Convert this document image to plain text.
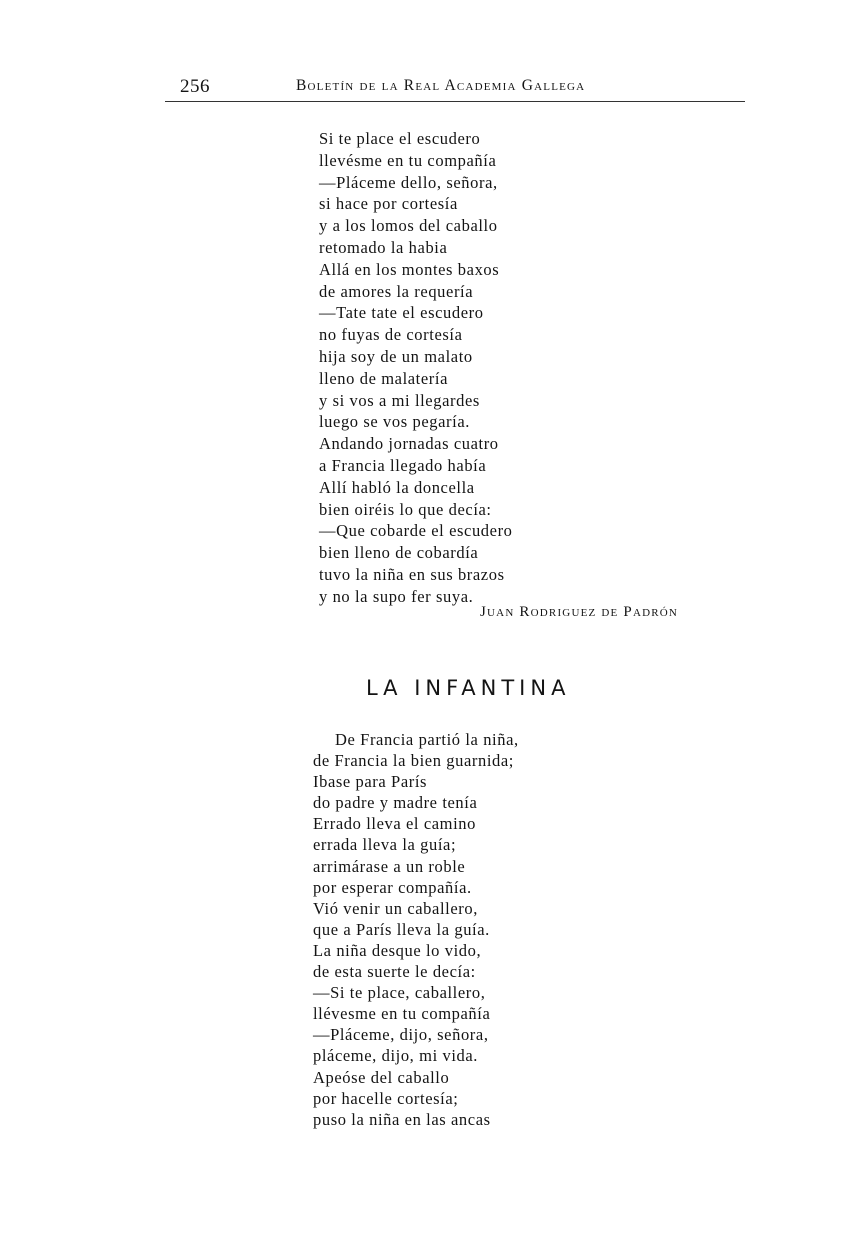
256	Boletín de la Real Academia Gallega
Si te place el escudero
llevésme en tu compañía
—Pláceme dello, señora,
si hace por cortesía
y a los lomos del caballo
retomado la habia
Allá en los montes baxos
de amores la requería
—Tate tate el escudero
no fuyas de cortesía
hija soy de un malato
lleno de malatería
y si vos a mi llegardes
luego se vos pegaría.
Andando jornadas cuatro
a Francia llegado había
Allí habló la doncella
bien oiréis lo que decía:
—Que cobarde el escudero
bien lleno de cobardía
tuvo la niña en sus brazos
y no la supo fer suya.
Juan Rodriguez de Padrón
LA INFANTINA
De Francia partió la niña,
de Francia la bien guarnida;
Ibase para París
do padre y madre tenía
Errado lleva el camino
errada lleva la guía;
arrimárase a un roble
por esperar compañía.
Vió venir un caballero,
que a París lleva la guía.
La niña desque lo vido,
de esta suerte le decía:
—Si te place, caballero,
llévesme en tu compañía
—Pláceme, dijo, señora,
pláceme, dijo, mi vida.
Apeóse del caballo
por hacelle cortesía;
puso la niña en las ancas
